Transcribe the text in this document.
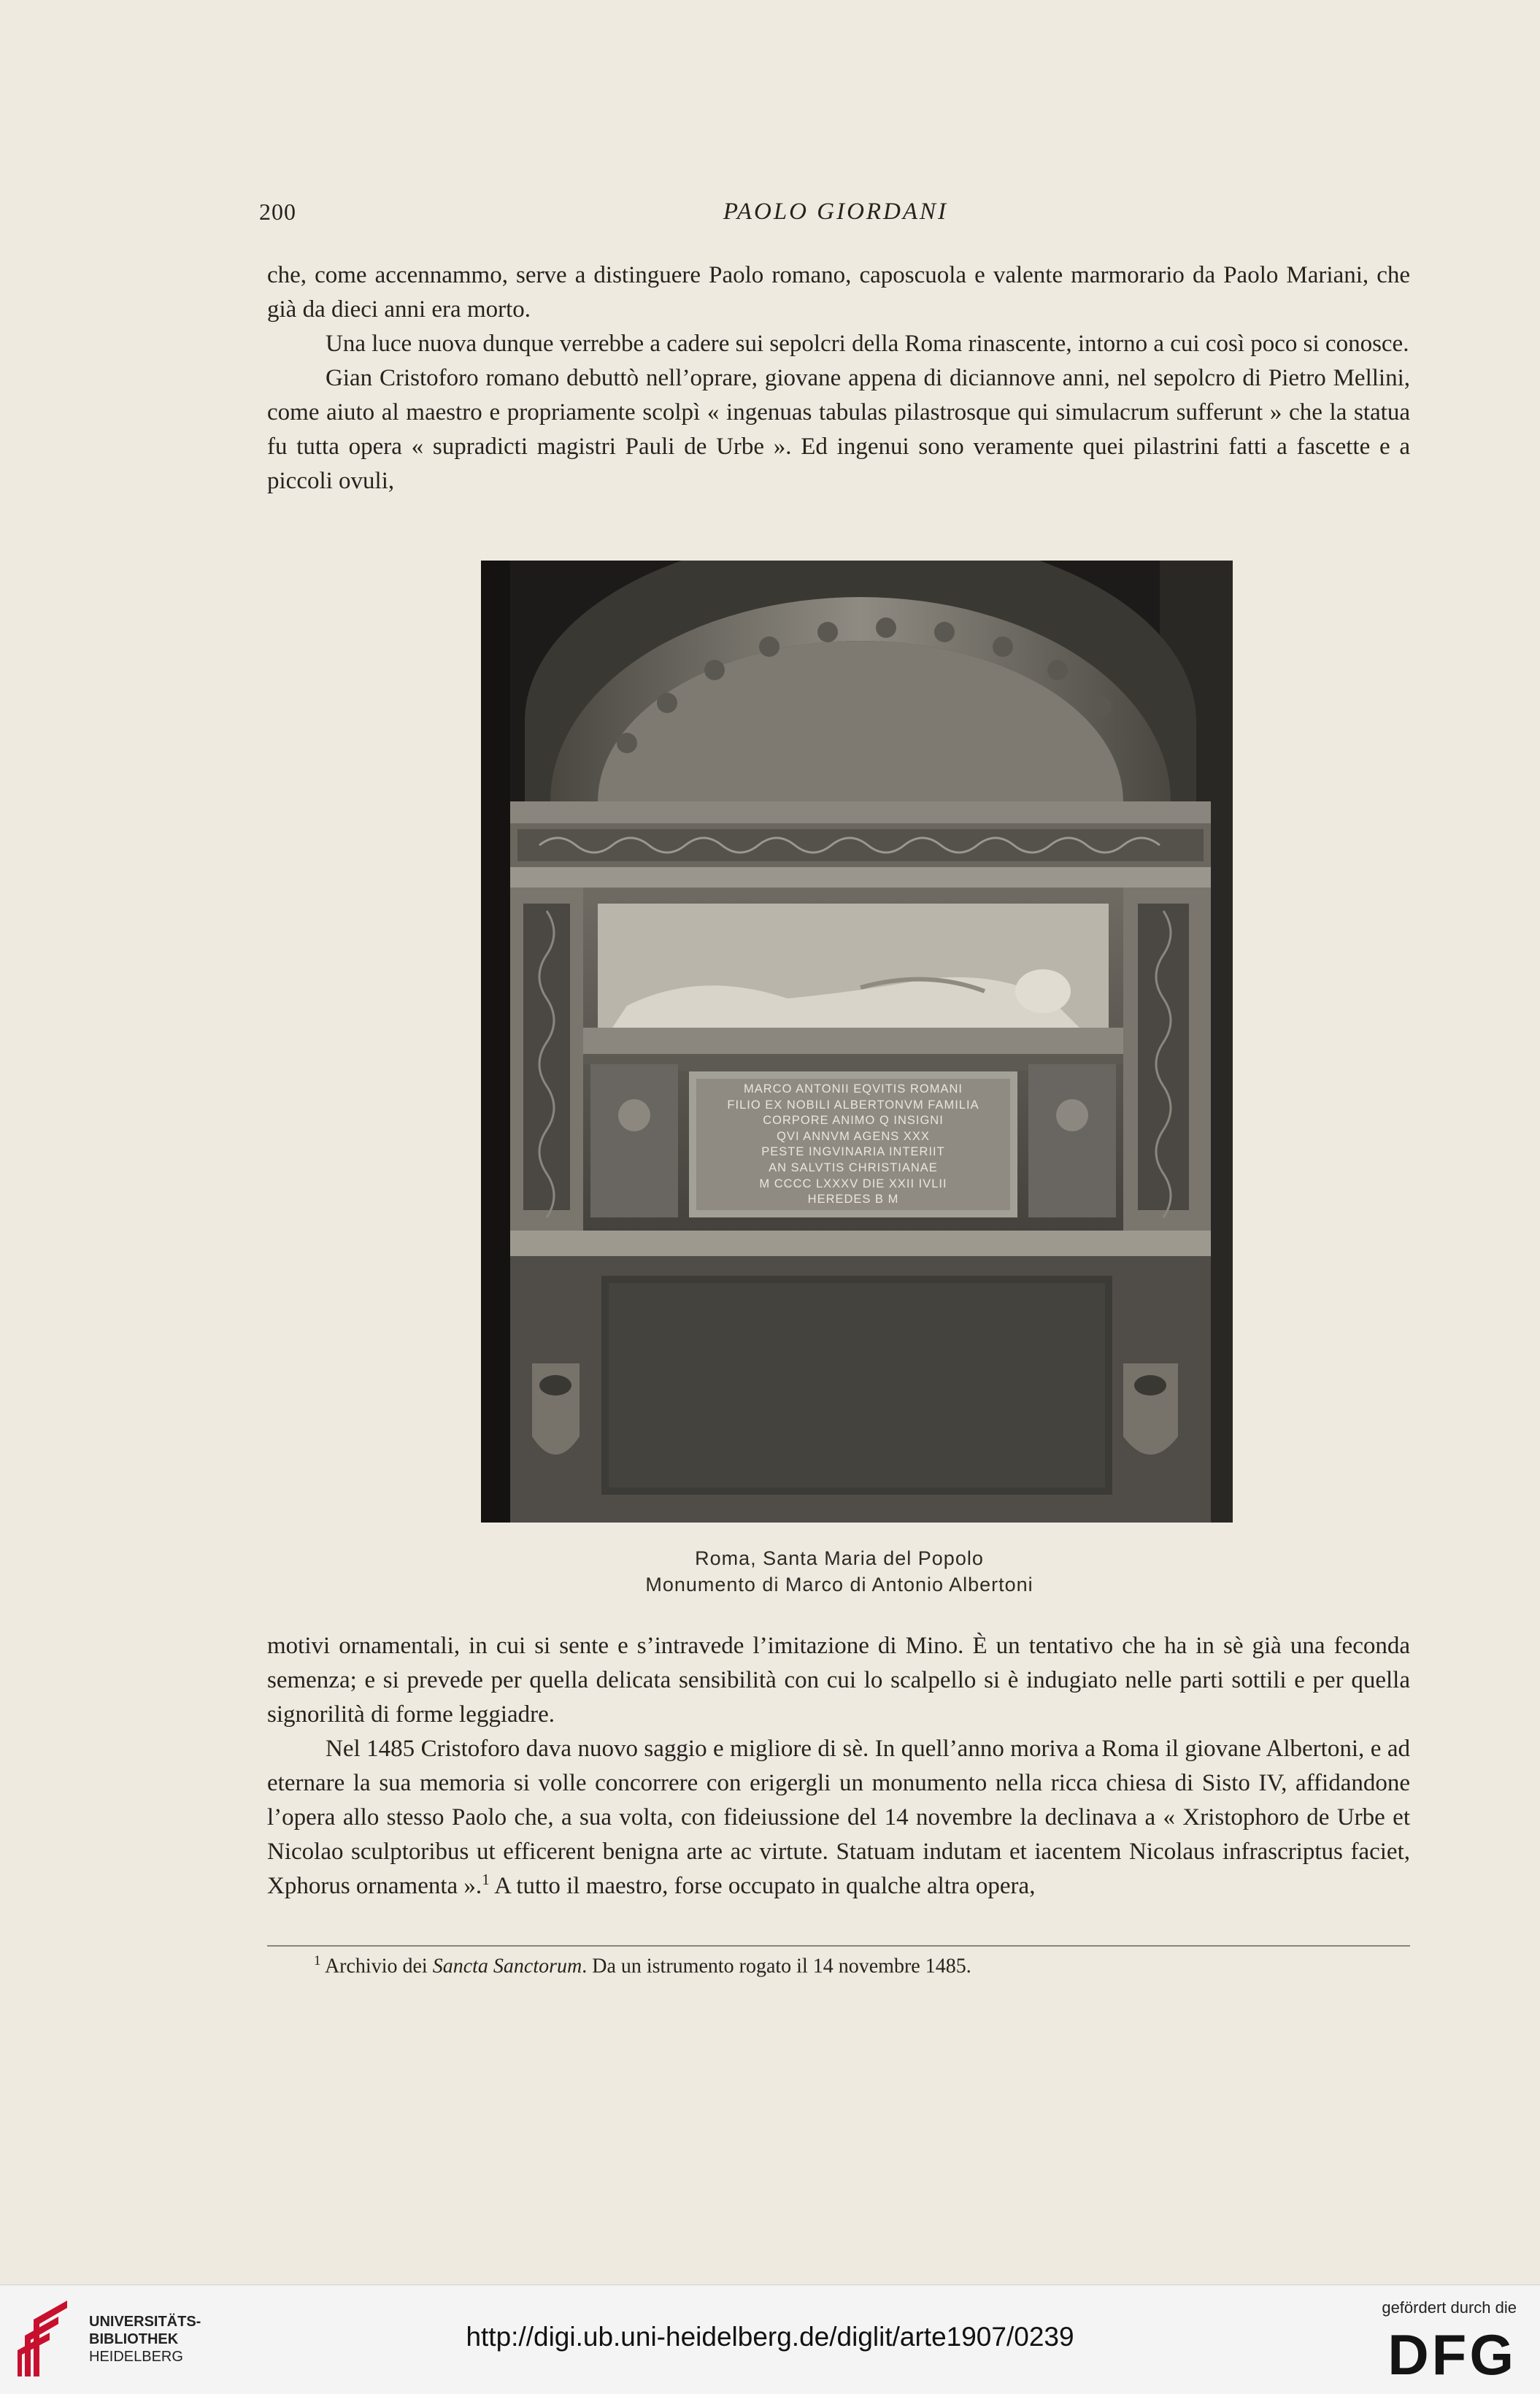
200	PAOLO GIORDANI

che, come accennammo, serve a distinguere Paolo romano, caposcuola e valente marmorario da Paolo Mariani, che già da dieci anni era morto.

Una luce nuova dunque verrebbe a cadere sui sepolcri della Roma rinascente, intorno a cui così poco si conosce.

Gian Cristoforo romano debuttò nell’oprare, giovane appena di diciannove anni, nel sepolcro di Pietro Mellini, come aiuto al maestro e propriamente scolpì « ingenuas tabulas pilastrosque qui simulacrum sufferunt » che la statua fu tutta opera « supradicti magistri Pauli de Urbe ». Ed ingenui sono veramente quei pilastrini fatti a fascette e a piccoli ovuli,

MARCO ANTONII EQVITIS ROMANI
FILIO EX NOBILI ALBERTONVM FAMILIA
CORPORE ANIMO Q INSIGNI
QVI ANNVM AGENS XXX
PESTE INGVINARIA INTERIIT
AN SALVTIS CHRISTIANAE
M CCCC LXXXV DIE XXII IVLII
HEREDES B M
Roma, Santa Maria del Popolo
Monumento di Marco di Antonio Albertoni

motivi ornamentali, in cui si sente e s’intravede l’imitazione di Mino. È un tentativo che ha in sè già una feconda semenza; e si prevede per quella delicata sensibilità con cui lo scalpello si è indugiato nelle parti sottili e per quella signorilità di forme leggiadre.

Nel 1485 Cristoforo dava nuovo saggio e migliore di sè. In quell’anno moriva a Roma il giovane Albertoni, e ad eternare la sua memoria si volle concorrere con erigergli un monumento nella ricca chiesa di Sisto IV, affidandone l’opera allo stesso Paolo che, a sua volta, con fideiussione del 14 novembre la declinava a « Xristophoro de Urbe et Nicolao sculptoribus ut efficerent benigna arte ac virtute. Statuam indutam et iacentem Nicolaus infrascriptus faciet, Xphorus ornamenta ».$^1$ A tutto il maestro, forse occupato in qualche altra opera,

$^1$ Archivio dei Sancta Sanctorum. Da un istrumento rogato il 14 novembre 1485.
UNIVERSITÄTS-
BIBLIOTHEK
HEIDELBERG
http://digi.ub.uni-heidelberg.de/diglit/arte1907/0239
gefördert durch die
DFG
